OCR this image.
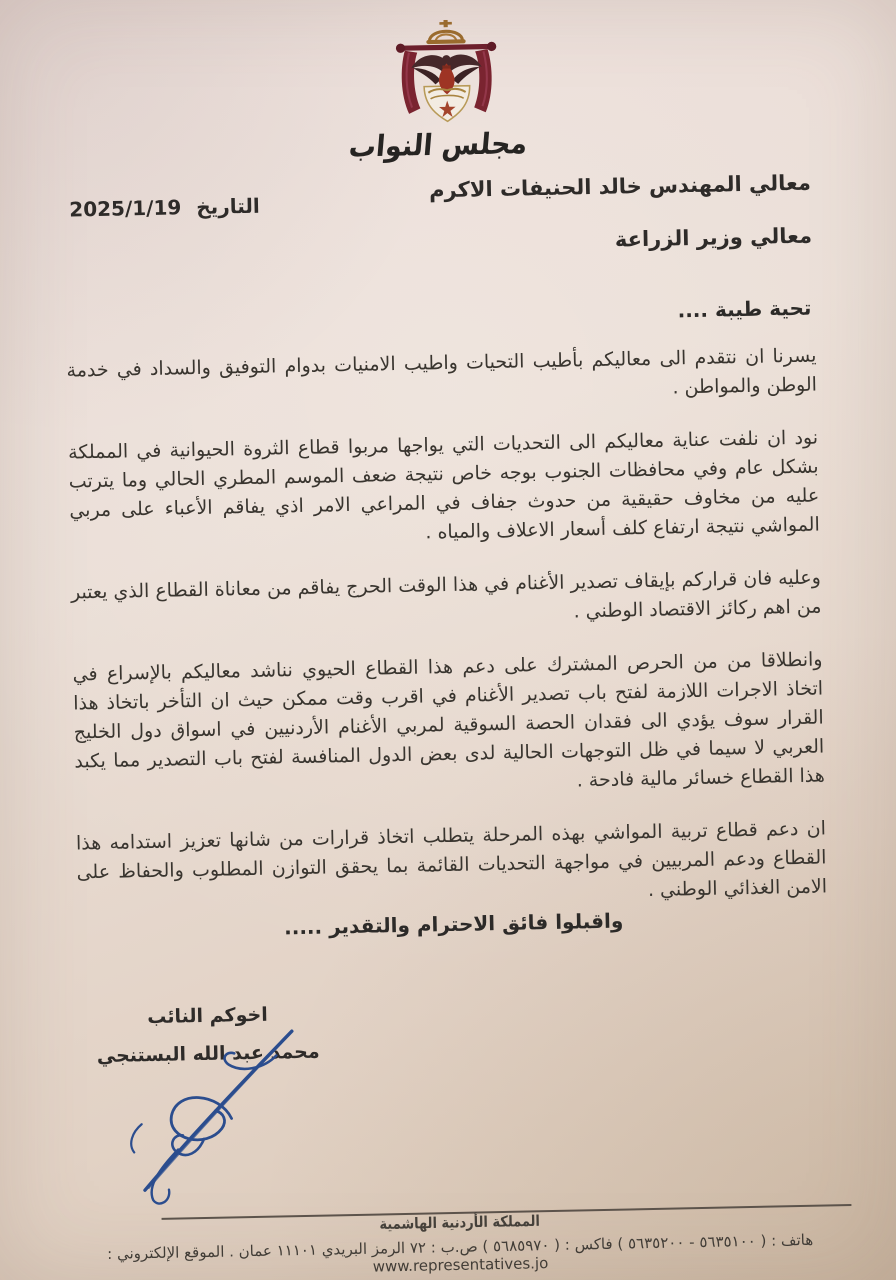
مجلس النواب
معالي المهندس خالد الحنيفات الاكرم
معالي وزير الزراعة
التاريخ 2025/1/19
تحية طيبة ....

يسرنا ان نتقدم الى معاليكم بأطيب التحيات واطيب الامنيات بدوام التوفيق والسداد في خدمة الوطن والمواطن .

نود ان نلفت عناية معاليكم الى التحديات التي يواجها مربوا قطاع الثروة الحيوانية في المملكة بشكل عام وفي محافظات الجنوب بوجه خاص نتيجة ضعف الموسم المطري الحالي وما يترتب عليه من مخاوف حقيقية من حدوث جفاف في المراعي الامر اذي يفاقم الأعباء على مربي المواشي نتيجة ارتفاع كلف أسعار الاعلاف والمياه .

وعليه فان قراركم بإيقاف تصدير الأغنام في هذا الوقت الحرج يفاقم من معاناة القطاع الذي يعتبر من اهم ركائز الاقتصاد الوطني .

وانطلاقا من من الحرص المشترك على دعم هذا القطاع الحيوي نناشد معاليكم بالإسراع في اتخاذ الاجرات اللازمة لفتح باب تصدير الأغنام في اقرب وقت ممكن حيث ان التأخر باتخاذ هذا القرار سوف يؤدي الى فقدان الحصة السوقية لمربي الأغنام الأردنيين في اسواق دول الخليج العربي لا سيما في ظل التوجهات الحالية لدى بعض الدول المنافسة لفتح باب التصدير مما يكبد هذا القطاع خسائر مالية فادحة .

ان دعم قطاع تربية المواشي بهذه المرحلة يتطلب اتخاذ قرارات من شانها تعزيز استدامه هذا القطاع ودعم المربيين في مواجهة التحديات القائمة بما يحقق التوازن المطلوب والحفاظ على الامن الغذائي الوطني .

واقبلوا فائق الاحترام والتقدير .....
اخوكم النائب
محمد عبد الله البستنجي
المملكة الأردنية الهاشمية
هاتف : ( ٥٦٣٥١٠٠ - ٥٦٣٥٢٠٠ ) فاكس : ( ٥٦٨٥٩٧٠ ) ص.ب : ٧٢ الرمز البريدي ١١١٠١ عمان . الموقع الإلكتروني : www.representatives.jo
